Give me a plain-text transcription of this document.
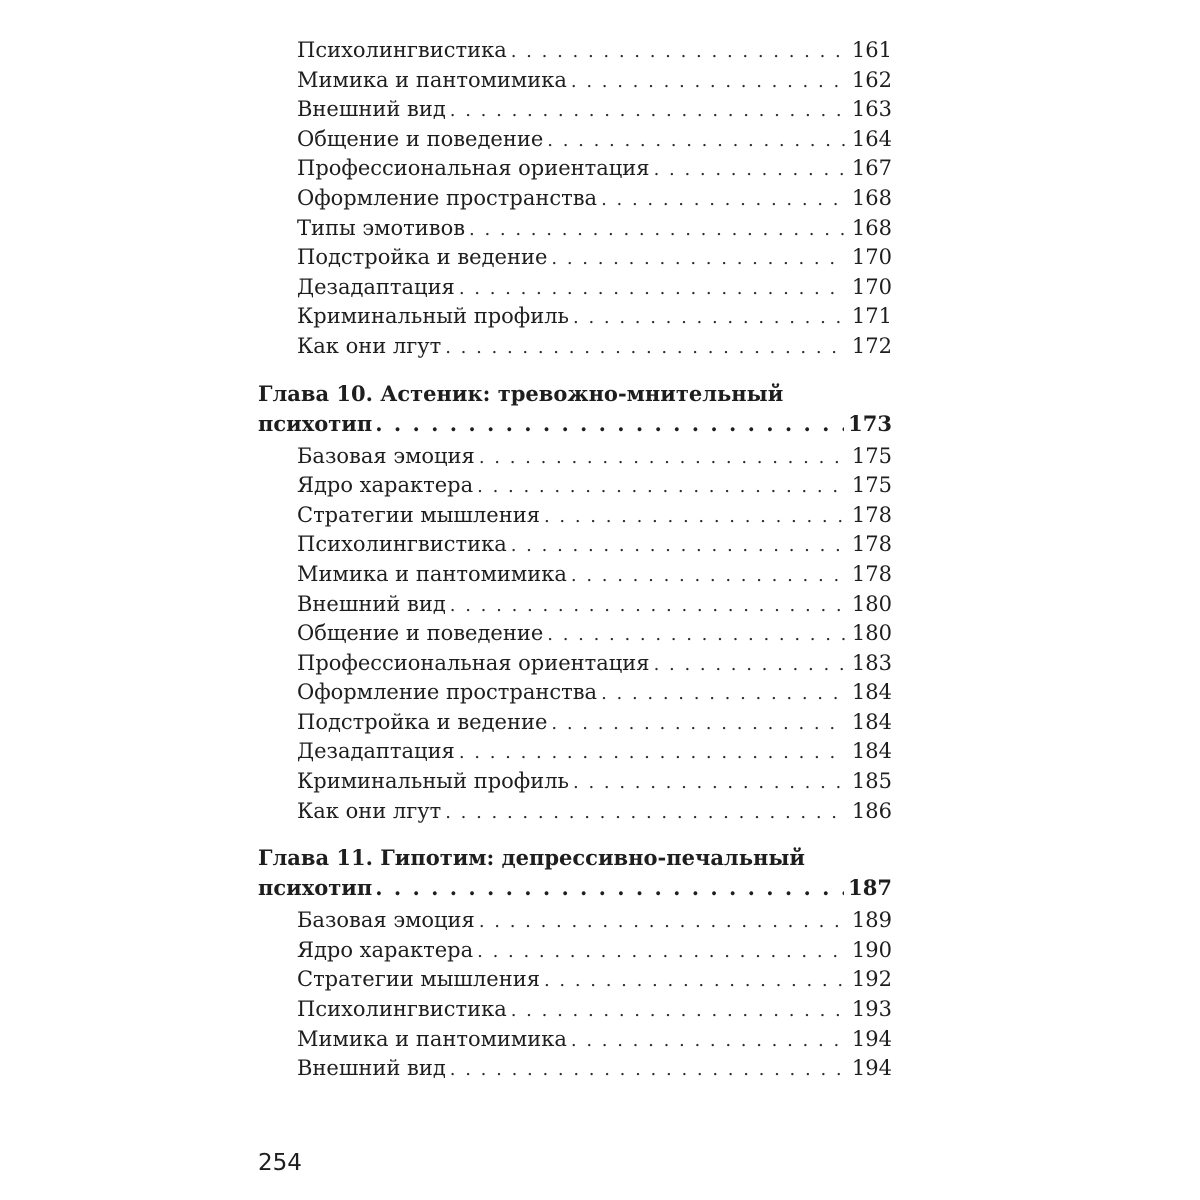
Психолингвистика . . .	161
Мимика и пантомимика . . .	162
Внешний вид . . .	163
Общение и поведение . . .	164
Профессиональная ориентация . . .	167
Оформление пространства . . .	168
Типы эмотивов . . .	168
Подстройка и ведение . . .	170
Дезадаптация . . .	170
Криминальный профиль . . .	171
Как они лгут . . .	172
Глава 10. Астеник: тревожно-мнительный
психотип . . .	173
Базовая эмоция . . .	175
Ядро характера . . .	175
Стратегии мышления . . .	178
Психолингвистика . . .	178
Мимика и пантомимика . . .	178
Внешний вид . . .	180
Общение и поведение . . .	180
Профессиональная ориентация . . .	183
Оформление пространства . . .	184
Подстройка и ведение . . .	184
Дезадаптация . . .	184
Криминальный профиль . . .	185
Как они лгут . . .	186
Глава 11. Гипотим: депрессивно-печальный
психотип . . .	187
Базовая эмоция . . .	189
Ядро характера . . .	190
Стратегии мышления . . .	192
Психолингвистика . . .	193
Мимика и пантомимика . . .	194
Внешний вид . . .	194
254
